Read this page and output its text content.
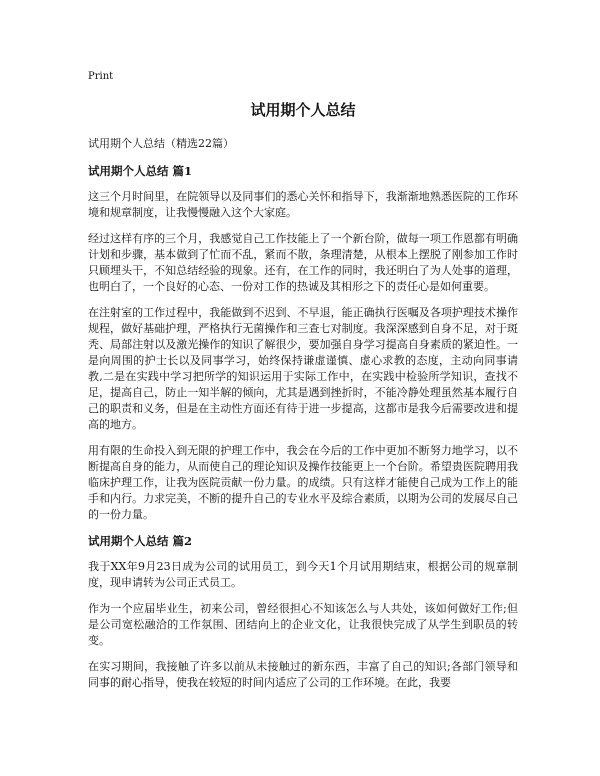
Print
试用期个人总结
试用期个人总结（精选22篇）
试用期个人总结 篇1
这三个月时间里，在院领导以及同事们的悉心关怀和指导下，我渐渐地熟悉医院的工作环境和规章制度，让我慢慢融入这个大家庭。
经过这样有序的三个月，我感觉自己工作技能上了一个新台阶，做每一项工作恩都有明确计划和步骤，基本做到了忙而不乱，紧而不散，条理清楚，从根本上摆脱了刚参加工作时只顾埋头干，不知总结经验的现象。还有，在工作的同时，我还明白了为人处事的道理，也明白了，一个良好的心态、一份对工作的热诚及其相形之下的责任心是如何重要。
在注射室的工作过程中，我能做到不迟到、不早退，能正确执行医嘱及各项护理技术操作规程，做好基础护理，严格执行无菌操作和三查七对制度。我深深感到自身不足，对于斑秃、局部注射以及激光操作的知识了解很少，要加强自身学习提高自身素质的紧迫性。一是向周围的护士长以及同事学习，始终保持谦虚谨慎、虚心求教的态度，主动向同事请教,二是在实践中学习把所学的知识运用于实际工作中，在实践中检验所学知识，查找不足，提高自己，防止一知半解的倾向，尤其是遇到挫折时，不能冷静处理虽然基本履行自己的职责和义务，但是在主动性方面还有待于进一步提高，这都市是我今后需要改进和提高的地方。
用有限的生命投入到无限的护理工作中，我会在今后的工作中更加不断努力地学习，以不断提高自身的能力，从而使自己的理论知识及操作技能更上一个台阶。希望贵医院聘用我临床护理工作，让我为医院贡献一份力量。的成绩。只有这样才能使自己成为工作上的能手和内行。力求完美，不断的提升自己的专业水平及综合素质，以期为公司的发展尽自己的一份力量。
试用期个人总结 篇2
我于XX年9月23日成为公司的试用员工，到今天1个月试用期结束，根据公司的规章制度，现申请转为公司正式员工。
作为一个应届毕业生，初来公司，曾经很担心不知该怎么与人共处，该如何做好工作;但是公司宽松融洽的工作氛围、团结向上的企业文化，让我很快完成了从学生到职员的转变。
在实习期间，我接触了许多以前从未接触过的新东西，丰富了自己的知识;各部门领导和同事的耐心指导，使我在较短的时间内适应了公司的工作环境。在此，我要
